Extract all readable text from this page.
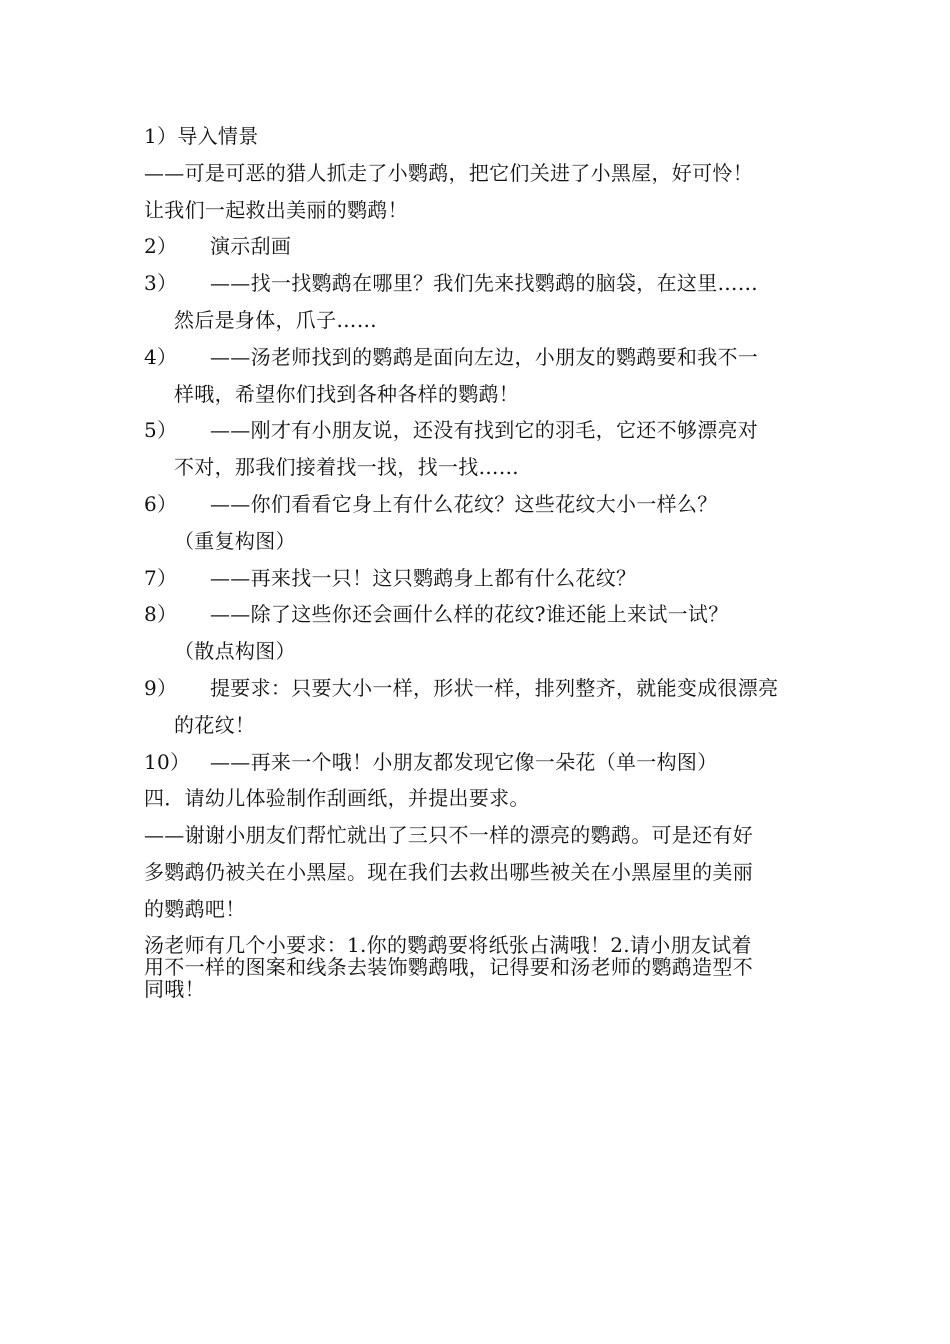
1）导入情景
——可是可恶的猎人抓走了小鹦鹉，把它们关进了小黑屋，好可怜！
让我们一起救出美丽的鹦鹉！
2）	演示刮画
3）	——找一找鹦鹉在哪里？我们先来找鹦鹉的脑袋，在这里……
然后是身体，爪子……
4）	——汤老师找到的鹦鹉是面向左边，小朋友的鹦鹉要和我不一
样哦，希望你们找到各种各样的鹦鹉！
5）	——刚才有小朋友说，还没有找到它的羽毛，它还不够漂亮对
不对，那我们接着找一找，找一找……
6）	——你们看看它身上有什么花纹？这些花纹大小一样么？
（重复构图）
7）	——再来找一只！这只鹦鹉身上都有什么花纹？
8）	——除了这些你还会画什么样的花纹?谁还能上来试一试？
（散点构图）
9）	提要求：只要大小一样，形状一样，排列整齐，就能变成很漂亮
的花纹！
10） ——再来一个哦！小朋友都发现它像一朵花（单一构图）
四．请幼儿体验制作刮画纸，并提出要求。
——谢谢小朋友们帮忙就出了三只不一样的漂亮的鹦鹉。可是还有好
多鹦鹉仍被关在小黑屋。现在我们去救出哪些被关在小黑屋里的美丽
的鹦鹉吧！
汤老师有几个小要求：1.你的鹦鹉要将纸张占满哦！2.请小朋友试着
用不一样的图案和线条去装饰鹦鹉哦，记得要和汤老师的鹦鹉造型不
同哦！
